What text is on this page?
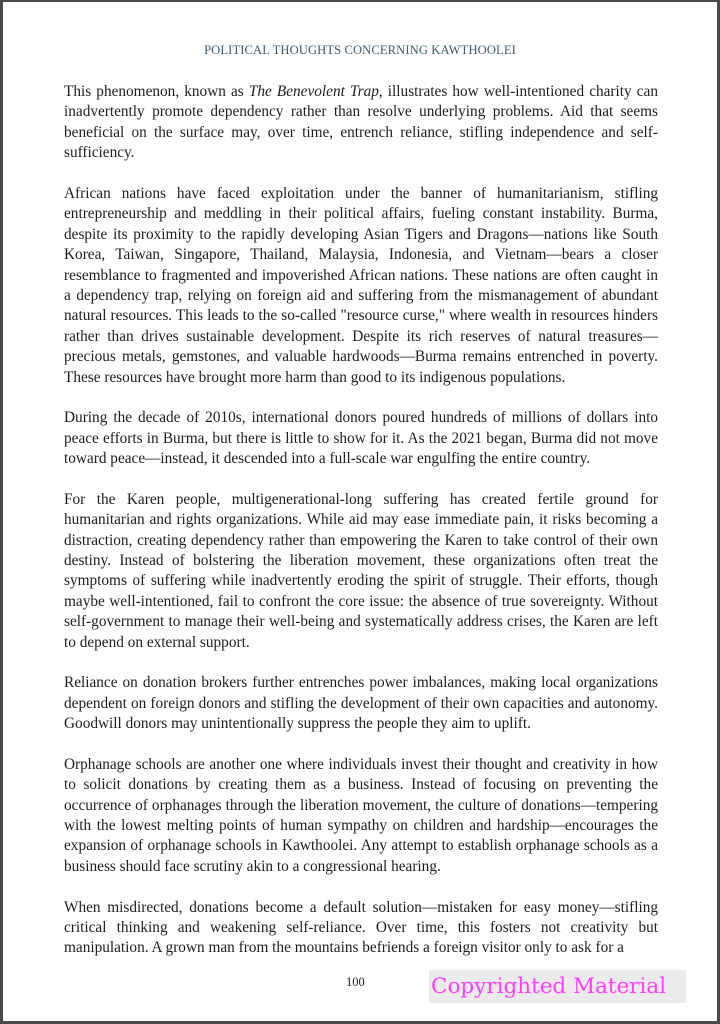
POLITICAL THOUGHTS CONCERNING KAWTHOOLEI

This phenomenon, known as The Benevolent Trap, illustrates how well-intentioned charity can inadvertently promote dependency rather than resolve underlying problems. Aid that seems beneficial on the surface may, over time, entrench reliance, stifling independence and self-sufficiency.

African nations have faced exploitation under the banner of humanitarianism, stifling entrepreneurship and meddling in their political affairs, fueling constant instability. Burma, despite its proximity to the rapidly developing Asian Tigers and Dragons—nations like South Korea, Taiwan, Singapore, Thailand, Malaysia, Indonesia, and Vietnam—bears a closer resemblance to fragmented and impoverished African nations. These nations are often caught in a dependency trap, relying on foreign aid and suffering from the mismanagement of abundant natural resources. This leads to the so-called "resource curse," where wealth in resources hinders rather than drives sustainable development. Despite its rich reserves of natural treasures—precious metals, gemstones, and valuable hardwoods—Burma remains entrenched in poverty. These resources have brought more harm than good to its indigenous populations.

During the decade of 2010s, international donors poured hundreds of millions of dollars into peace efforts in Burma, but there is little to show for it. As the 2021 began, Burma did not move toward peace—instead, it descended into a full-scale war engulfing the entire country.

For the Karen people, multigenerational-long suffering has created fertile ground for humanitarian and rights organizations. While aid may ease immediate pain, it risks becoming a distraction, creating dependency rather than empowering the Karen to take control of their own destiny. Instead of bolstering the liberation movement, these organizations often treat the symptoms of suffering while inadvertently eroding the spirit of struggle. Their efforts, though maybe well-intentioned, fail to confront the core issue: the absence of true sovereignty. Without self-government to manage their well-being and systematically address crises, the Karen are left to depend on external support.

Reliance on donation brokers further entrenches power imbalances, making local organizations dependent on foreign donors and stifling the development of their own capacities and autonomy. Goodwill donors may unintentionally suppress the people they aim to uplift.

Orphanage schools are another one where individuals invest their thought and creativity in how to solicit donations by creating them as a business. Instead of focusing on preventing the occurrence of orphanages through the liberation movement, the culture of donations—tempering with the lowest melting points of human sympathy on children and hardship—encourages the expansion of orphanage schools in Kawthoolei. Any attempt to establish orphanage schools as a business should face scrutiny akin to a congressional hearing.

When misdirected, donations become a default solution—mistaken for easy money—stifling critical thinking and weakening self-reliance. Over time, this fosters not creativity but manipulation. A grown man from the mountains befriends a foreign visitor only to ask for a

100	Copyrighted Material
